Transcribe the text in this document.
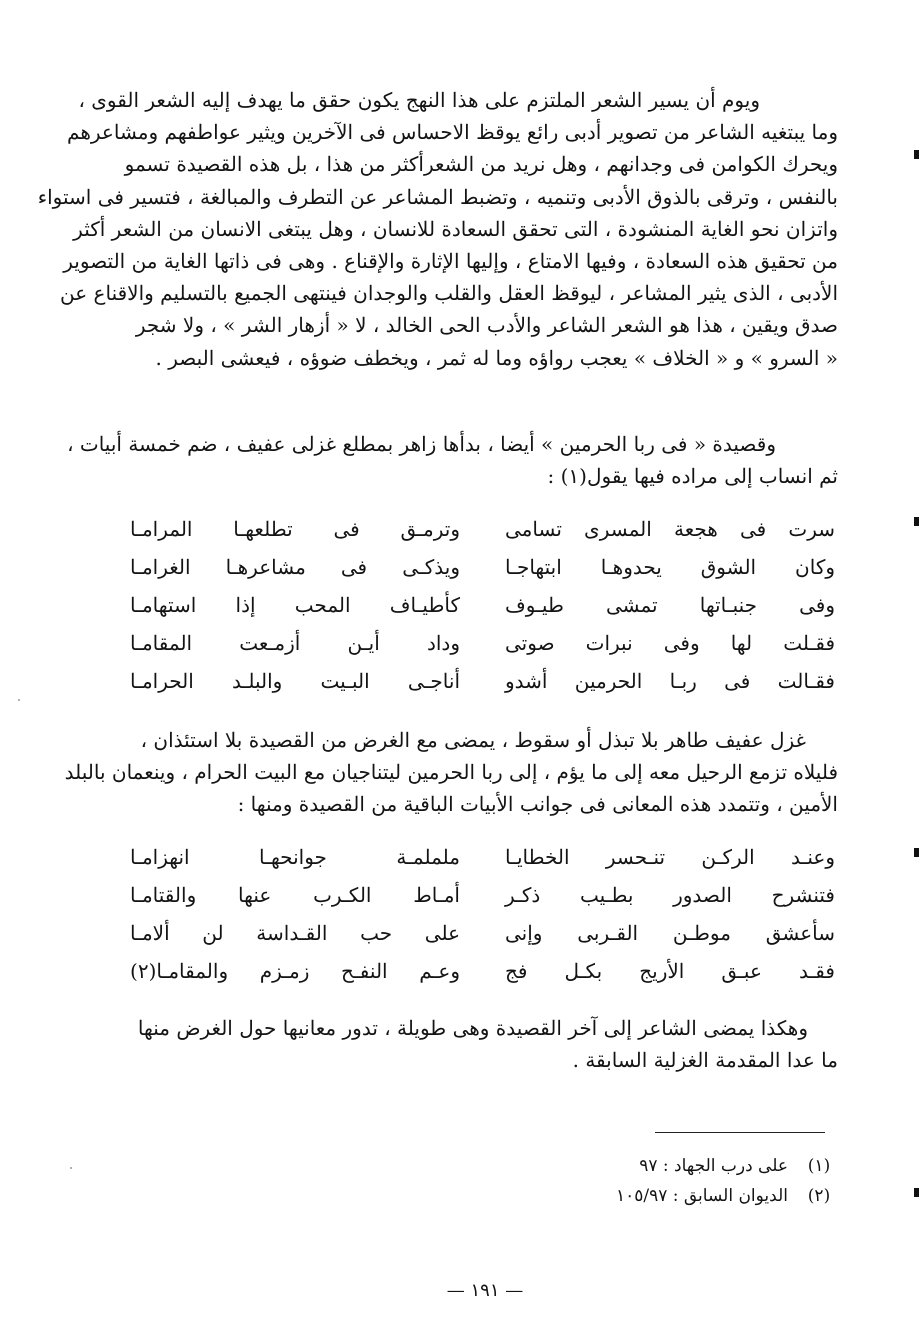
ويوم أن يسير الشعر الملتزم على هذا النهج يكون حقق ما يهدف إليه الشعر القوى ،
وما يبتغيه الشاعر من تصوير أدبى رائع يوقظ الاحساس فى الآخرين ويثير عواطفهم ومشاعرهم
ويحرك الكوامن فى وجدانهم ، وهل نريد من الشعرأكثر من هذا ، بل هذه القصيدة تسمو
بالنفس ، وترقى بالذوق الأدبى وتنميه ، وتضبط المشاعر عن التطرف والمبالغة ، فتسير فى استواء
واتزان نحو الغاية المنشودة ، التى تحقق السعادة للانسان ، وهل يبتغى الانسان من الشعر أكثر
من تحقيق هذه السعادة ، وفيها الامتاع ، وإليها الإثارة والإقناع . وهى فى ذاتها الغاية من التصوير
الأدبى ، الذى يثير المشاعر ، ليوقظ العقل والقلب والوجدان فينتهى الجميع بالتسليم والاقناع عن
صدق ويقين ، هذا هو الشعر الشاعر والأدب الحى الخالد ، لا « أزهار الشر » ، ولا شجر
« السرو » و « الخلاف » يعجب رواؤه وما له ثمر ، ويخطف ضوؤه ، فيعشى البصر .
وقصيدة « فى ربا الحرمين » أيضا ، بدأها زاهر بمطلع غزلى عفيف ، ضم خمسة أبيات ،
ثم انساب إلى مراده فيها يقول(١) :
سرت فى هجعة المسرى تسامى
وترمـق فى تطلعهـا المرامـا
وكان الشوق يحدوهـا ابتهاجـا
ويذكـى فى مشاعرهـا الغرامـا
وفى جنبـاتها تمشى طيـوف
كأطيـاف المحب إذا استهامـا
فقـلت لها وفى نبرات صوتى
وداد أيـن أزمـعت المقامـا
فقـالت فى ربـا الحرمين أشدو
أناجـى البـيت والبلـد الحرامـا
غزل عفيف طاهر بلا تبذل أو سقوط ، يمضى مع الغرض من القصيدة بلا استئذان ،
فليلاه تزمع الرحيل معه إلى ما يؤم ، إلى ربا الحرمين ليتناجيان مع البيت الحرام ، وينعمان بالبلد
الأمين ، وتتمدد هذه المعانى فى جوانب الأبيات الباقية من القصيدة ومنها :
وعنـد الركـن تنـحسر الخطايـا
ململمـة جوانحهـا انهزامـا
فتنشرح الصدور بطـيب ذكـر
أمـاط الكـرب عنها والقتامـا
سأعشق موطـن القـربى وإنى
على حب القـداسة لن ألامـا
فقـد عبـق الأريج بكـل فج
وعـم النفـح زمـزم والمقامـا(٢)
وهكذا يمضى الشاعر إلى آخر القصيدة وهى طويلة ، تدور معانيها حول الغرض منها
ما عدا المقدمة الغزلية السابقة .
(١)
على درب الجهاد : ٩٧
(٢)
الديوان السابق : ١٠٥/٩٧
— ١٩١ —
